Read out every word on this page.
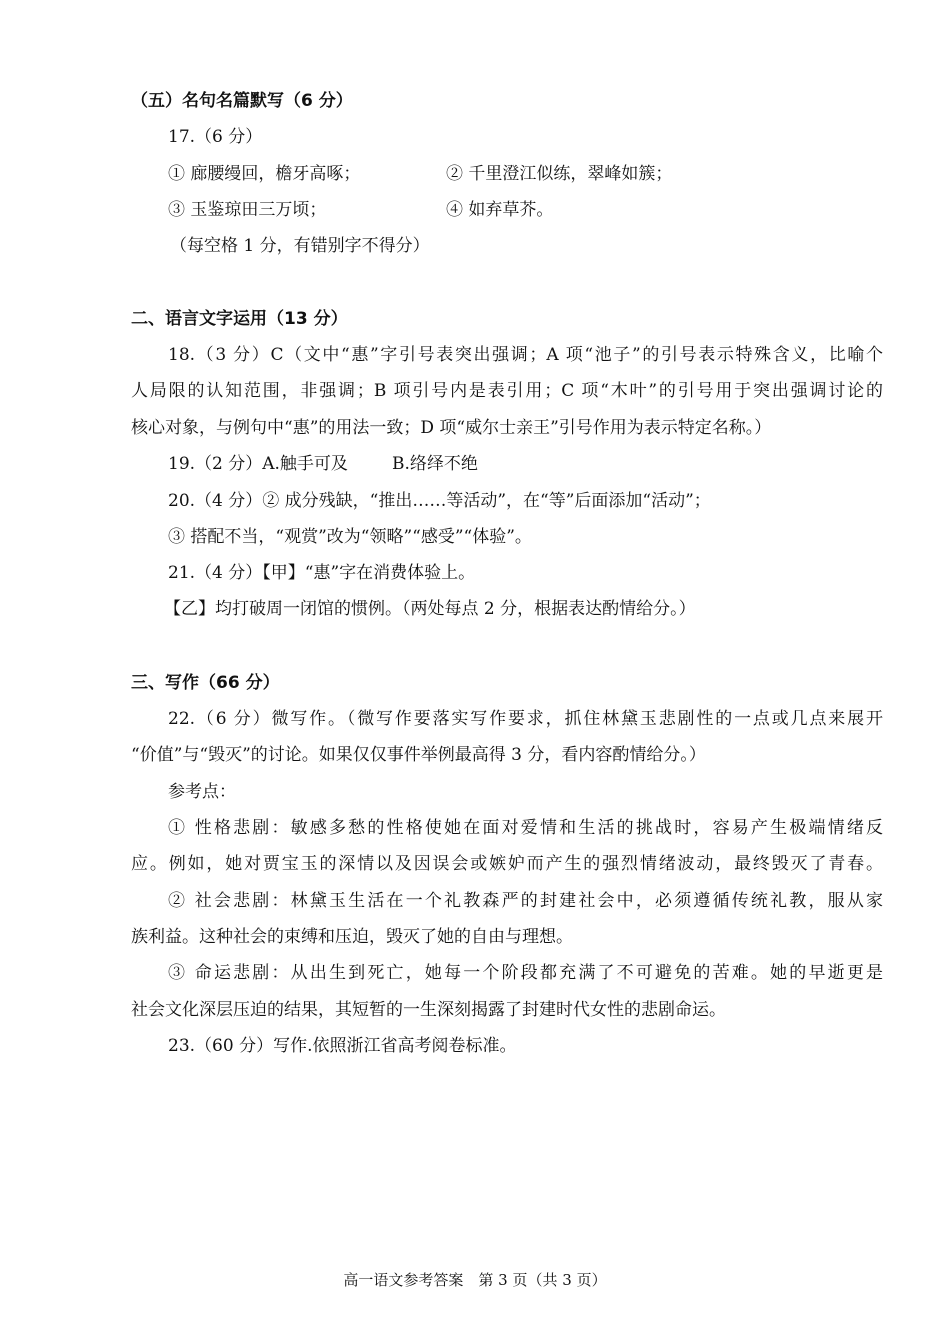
（五）名句名篇默写（6 分）
17.（6 分）
① 廊腰缦回，檐牙高啄；	② 千里澄江似练，翠峰如簇；
③ 玉鉴琼田三万顷；	④ 如弃草芥。
（每空格 1 分，有错别字不得分）
二、语言文字运用（13 分）
18.（3 分）C（文中“惠”字引号表突出强调；A 项“池子”的引号表示特殊含义，比喻个
人局限的认知范围，非强调；B 项引号内是表引用；C 项“木叶”的引号用于突出强调讨论的
核心对象，与例句中“惠”的用法一致；D 项“威尔士亲王”引号作用为表示特定名称。）
19.（2 分）A.触手可及	B.络绎不绝
20.（4 分）② 成分残缺，“推出……等活动”，在“等”后面添加“活动”；
③ 搭配不当，“观赏”改为“领略”“感受”“体验”。
21.（4 分）【甲】“惠”字在消费体验上。
【乙】均打破周一闭馆的惯例。（两处每点 2 分，根据表达酌情给分。）
三、写作（66 分）
22.（6 分）微写作。（微写作要落实写作要求，抓住林黛玉悲剧性的一点或几点来展开
“价值”与“毁灭”的讨论。如果仅仅事件举例最高得 3 分，看内容酌情给分。）
参考点：
① 性格悲剧：敏感多愁的性格使她在面对爱情和生活的挑战时，容易产生极端情绪反
应。例如，她对贾宝玉的深情以及因误会或嫉妒而产生的强烈情绪波动，最终毁灭了青春。
② 社会悲剧：林黛玉生活在一个礼教森严的封建社会中，必须遵循传统礼教，服从家
族利益。这种社会的束缚和压迫，毁灭了她的自由与理想。
③ 命运悲剧：从出生到死亡，她每一个阶段都充满了不可避免的苦难。她的早逝更是
社会文化深层压迫的结果，其短暂的一生深刻揭露了封建时代女性的悲剧命运。
23.（60 分）写作.依照浙江省高考阅卷标准。
高一语文参考答案　第 3 页（共 3 页）
